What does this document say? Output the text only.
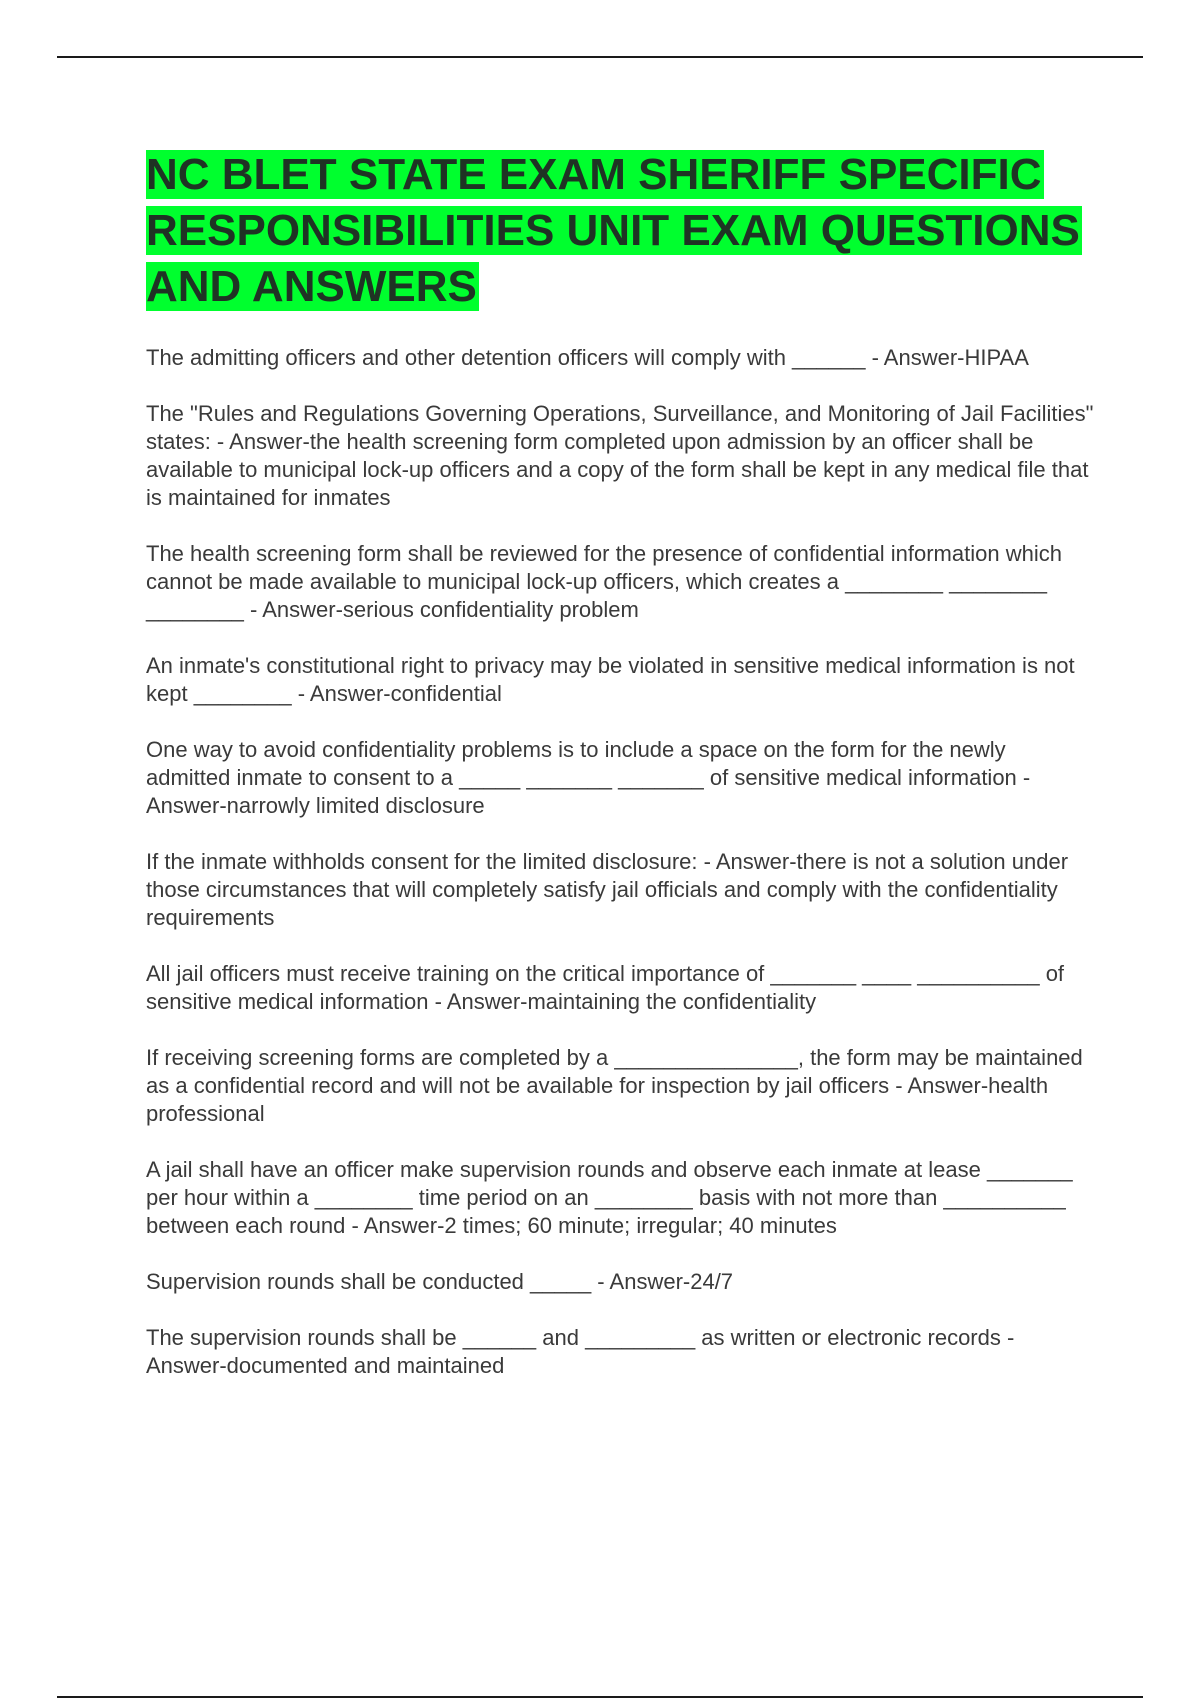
NC BLET STATE EXAM SHERIFF SPECIFIC RESPONSIBILITIES UNIT EXAM QUESTIONS AND ANSWERS

The admitting officers and other detention officers will comply with ______ - Answer-HIPAA

The "Rules and Regulations Governing Operations, Surveillance, and Monitoring of Jail Facilities" states: - Answer-the health screening form completed upon admission by an officer shall be available to municipal lock-up officers and a copy of the form shall be kept in any medical file that is maintained for inmates

The health screening form shall be reviewed for the presence of confidential information which cannot be made available to municipal lock-up officers, which creates a ________ ________ ________ - Answer-serious confidentiality problem

An inmate's constitutional right to privacy may be violated in sensitive medical information is not kept ________ - Answer-confidential

One way to avoid confidentiality problems is to include a space on the form for the newly admitted inmate to consent to a _____ _______ _______ of sensitive medical information - Answer-narrowly limited disclosure

If the inmate withholds consent for the limited disclosure: - Answer-there is not a solution under those circumstances that will completely satisfy jail officials and comply with the confidentiality requirements

All jail officers must receive training on the critical importance of _______ ____ __________ of sensitive medical information - Answer-maintaining the confidentiality

If receiving screening forms are completed by a _______________, the form may be maintained as a confidential record and will not be available for inspection by jail officers - Answer-health professional

A jail shall have an officer make supervision rounds and observe each inmate at lease _______ per hour within a ________ time period on an ________ basis with not more than __________ between each round - Answer-2 times; 60 minute; irregular; 40 minutes

Supervision rounds shall be conducted _____ - Answer-24/7

The supervision rounds shall be ______ and _________ as written or electronic records - Answer-documented and maintained
